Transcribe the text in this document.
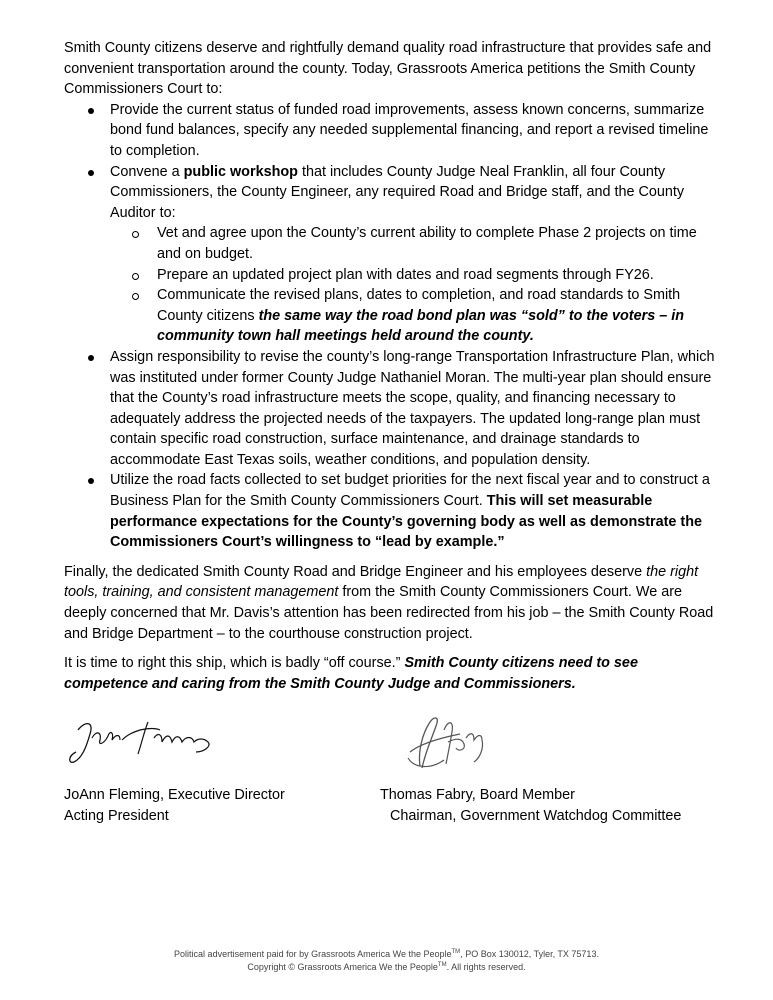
Smith County citizens deserve and rightfully demand quality road infrastructure that provides safe and convenient transportation around the county. Today, Grassroots America petitions the Smith County Commissioners Court to:

Provide the current status of funded road improvements, assess known concerns, summarize bond fund balances, specify any needed supplemental financing, and report a revised timeline to completion.
Convene a public workshop that includes County Judge Neal Franklin, all four County Commissioners, the County Engineer, any required Road and Bridge staff, and the County Auditor to:
Vet and agree upon the County’s current ability to complete Phase 2 projects on time and on budget.
Prepare an updated project plan with dates and road segments through FY26.
Communicate the revised plans, dates to completion, and road standards to Smith County citizens the same way the road bond plan was “sold” to the voters – in community town hall meetings held around the county.
Assign responsibility to revise the county’s long-range Transportation Infrastructure Plan, which was instituted under former County Judge Nathaniel Moran. The multi-year plan should ensure that the County’s road infrastructure meets the scope, quality, and financing necessary to adequately address the projected needs of the taxpayers. The updated long-range plan must contain specific road construction, surface maintenance, and drainage standards to accommodate East Texas soils, weather conditions, and population density.
Utilize the road facts collected to set budget priorities for the next fiscal year and to construct a Business Plan for the Smith County Commissioners Court. This will set measurable performance expectations for the County’s governing body as well as demonstrate the Commissioners Court’s willingness to “lead by example.”

Finally, the dedicated Smith County Road and Bridge Engineer and his employees deserve the right tools, training, and consistent management from the Smith County Commissioners Court. We are deeply concerned that Mr. Davis’s attention has been redirected from his job – the Smith County Road and Bridge Department – to the courthouse construction project.

It is time to right this ship, which is badly “off course.” Smith County citizens need to see competence and caring from the Smith County Judge and Commissioners.

JoAnn Fleming, Executive Director
Acting President
Thomas Fabry, Board Member
Chairman, Government Watchdog Committee
Political advertisement paid for by Grassroots America We the People™, PO Box 130012, Tyler, TX 75713.
Copyright © Grassroots America We the People™. All rights reserved.
